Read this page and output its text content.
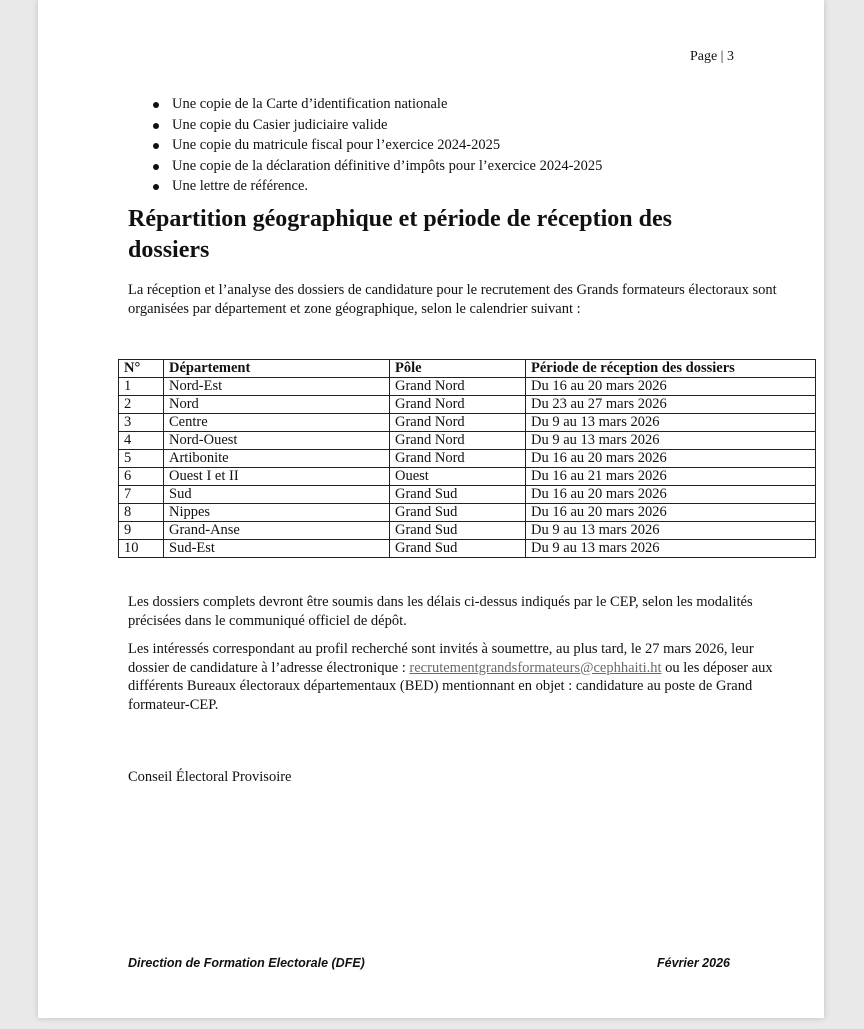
Page | 3
Une copie de la Carte d’identification nationale
Une copie du Casier judiciaire valide
Une copie du matricule fiscal pour l’exercice 2024-2025
Une copie de la déclaration définitive d’impôts pour l’exercice 2024-2025
Une lettre de référence.
Répartition géographique et période de réception des dossiers

La réception et l’analyse des dossiers de candidature pour le recrutement des Grands formateurs électoraux sont organisées par département et zone géographique, selon le calendrier suivant :

N°	Département	Pôle	Période de réception des dossiers
1	Nord-Est	Grand Nord	Du 16 au 20 mars 2026
2	Nord	Grand Nord	Du 23 au 27 mars 2026
3	Centre	Grand Nord	Du 9 au 13 mars 2026
4	Nord-Ouest	Grand Nord	Du 9 au 13 mars 2026
5	Artibonite	Grand Nord	Du 16 au 20 mars 2026
6	Ouest I et II	Ouest	Du 16 au 21 mars 2026
7	Sud	Grand Sud	Du 16 au 20 mars 2026
8	Nippes	Grand Sud	Du 16 au 20 mars 2026
9	Grand-Anse	Grand Sud	Du 9 au 13 mars 2026
10	Sud-Est	Grand Sud	Du 9 au 13 mars 2026

Les dossiers complets devront être soumis dans les délais ci-dessus indiqués par le CEP, selon les modalités précisées dans le communiqué officiel de dépôt.

Les intéressés correspondant au profil recherché sont invités à soumettre, au plus tard, le 27 mars 2026, leur dossier de candidature à l’adresse électronique : recrutementgrandsformateurs@cephhaiti.ht ou les déposer aux différents Bureaux électoraux départementaux (BED) mentionnant en objet : candidature au poste de Grand formateur-CEP.

Conseil Électoral Provisoire

Direction de Formation Electorale (DFE)	Février 2026
